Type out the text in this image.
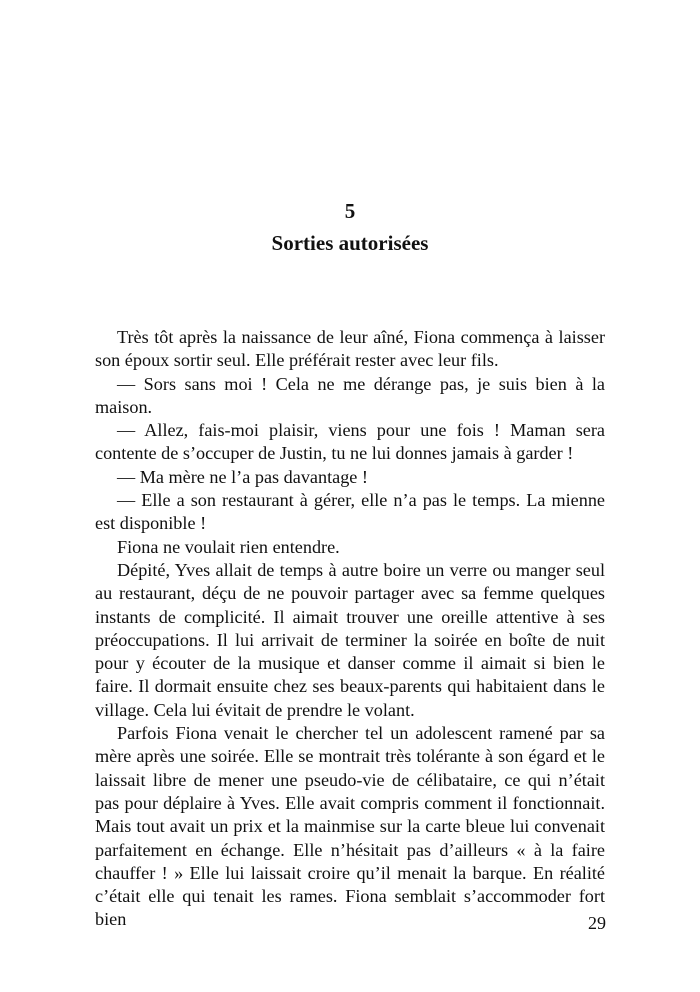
5
Sorties autorisées

Très tôt après la naissance de leur aîné, Fiona commença à laisser son époux sortir seul. Elle préférait rester avec leur fils.

— Sors sans moi ! Cela ne me dérange pas, je suis bien à la maison.

— Allez, fais-moi plaisir, viens pour une fois ! Maman sera contente de s’occuper de Justin, tu ne lui donnes jamais à garder !

— Ma mère ne l’a pas davantage !

— Elle a son restaurant à gérer, elle n’a pas le temps. La mienne est disponible !

Fiona ne voulait rien entendre.

Dépité, Yves allait de temps à autre boire un verre ou manger seul au restaurant, déçu de ne pouvoir partager avec sa femme quelques instants de complicité. Il aimait trouver une oreille attentive à ses préoccupations. Il lui arrivait de terminer la soirée en boîte de nuit pour y écouter de la musique et danser comme il aimait si bien le faire. Il dormait ensuite chez ses beaux-parents qui habitaient dans le village. Cela lui évitait de prendre le volant.

Parfois Fiona venait le chercher tel un adolescent ramené par sa mère après une soirée. Elle se montrait très tolérante à son égard et le laissait libre de mener une pseudo-vie de célibataire, ce qui n’était pas pour déplaire à Yves. Elle avait compris comment il fonctionnait. Mais tout avait un prix et la mainmise sur la carte bleue lui convenait parfaitement en échange. Elle n’hésitait pas d’ailleurs « à la faire chauffer ! » Elle lui laissait croire qu’il menait la barque. En réalité c’était elle qui tenait les rames. Fiona semblait s’accommoder fort bien	29
